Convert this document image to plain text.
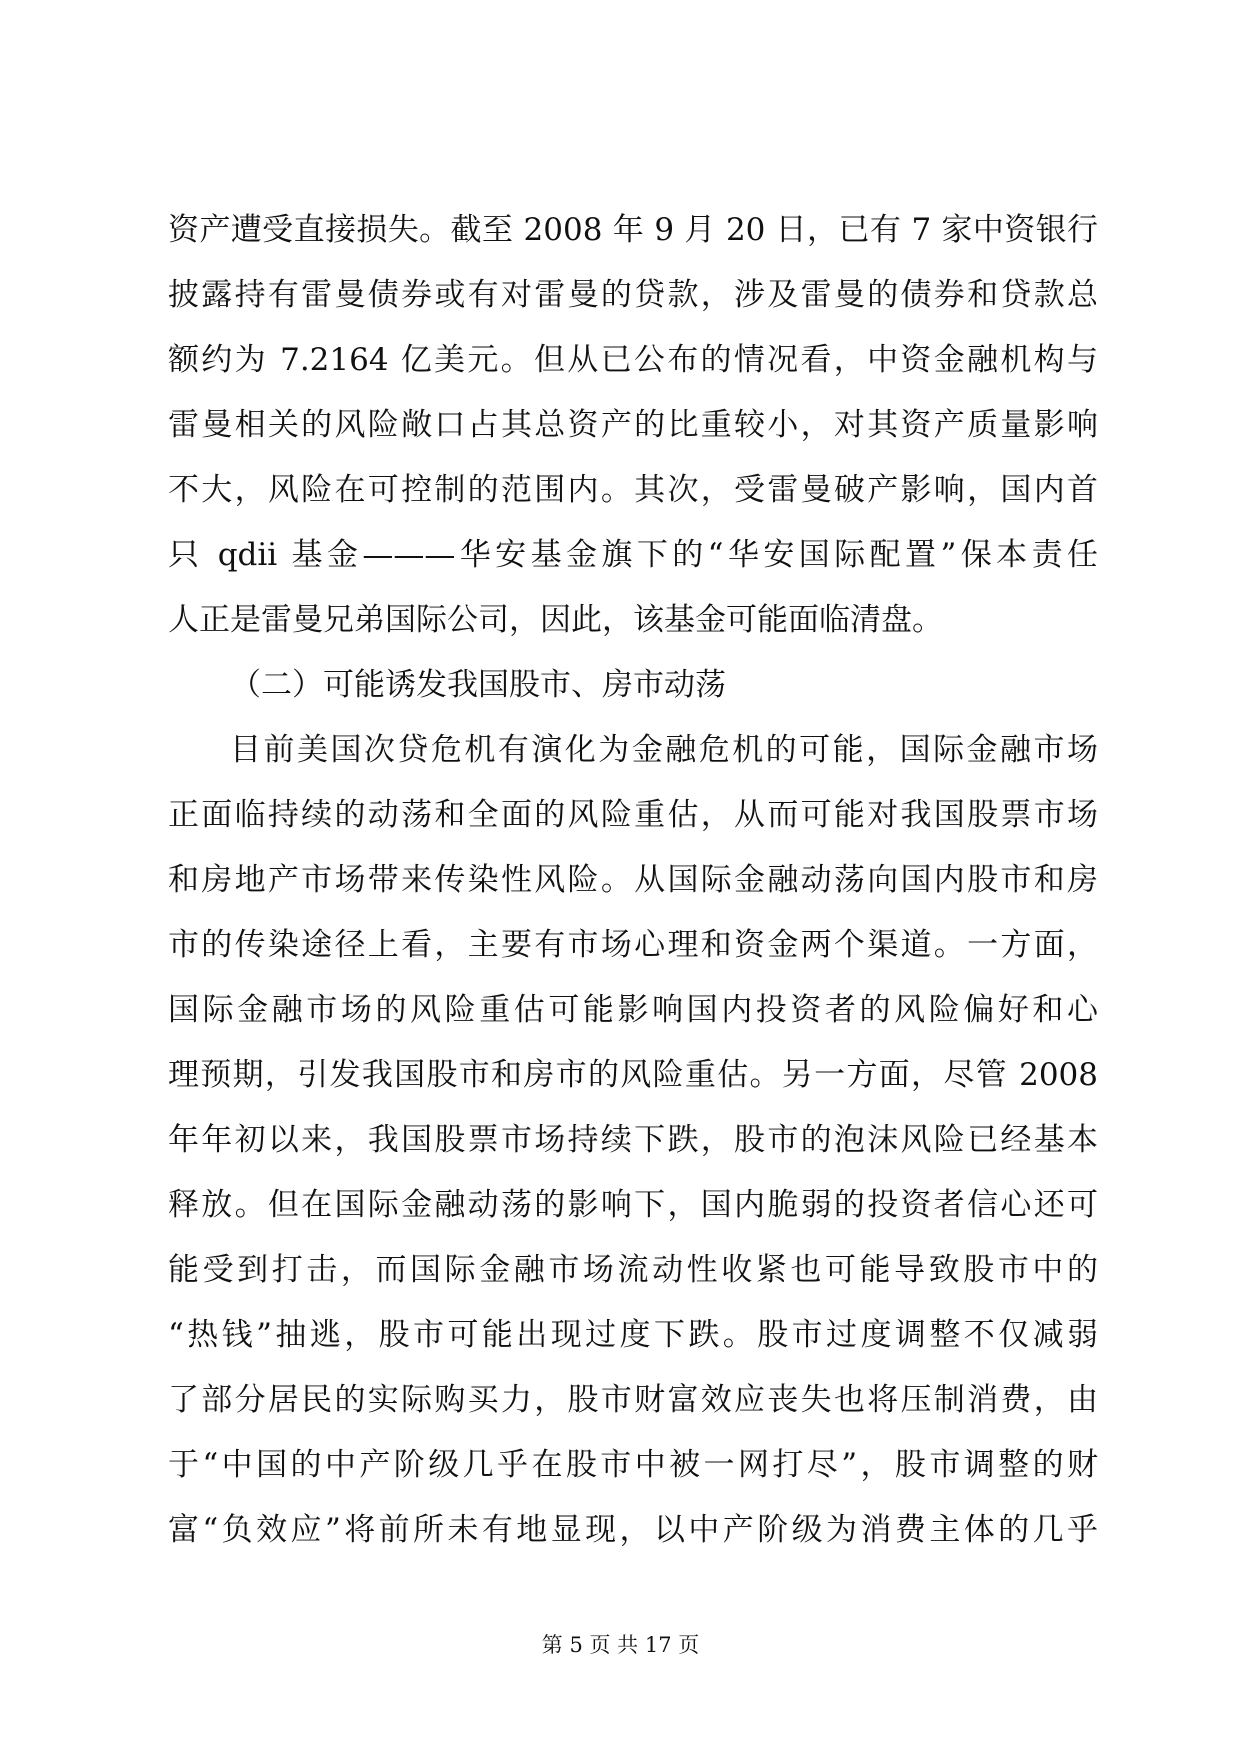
资产遭受直接损失。截至 2008 年 9 月 20 日，已有 7 家中资银行
披露持有雷曼债券或有对雷曼的贷款，涉及雷曼的债券和贷款总
额约为 7.2164 亿美元。但从已公布的情况看，中资金融机构与
雷曼相关的风险敞口占其总资产的比重较小，对其资产质量影响
不大，风险在可控制的范围内。其次，受雷曼破产影响，国内首
只 qdii 基金———华安基金旗下的“华安国际配置”保本责任
人正是雷曼兄弟国际公司，因此，该基金可能面临清盘。
（二）可能诱发我国股市、房市动荡
目前美国次贷危机有演化为金融危机的可能，国际金融市场
正面临持续的动荡和全面的风险重估，从而可能对我国股票市场
和房地产市场带来传染性风险。从国际金融动荡向国内股市和房
市的传染途径上看，主要有市场心理和资金两个渠道。一方面，
国际金融市场的风险重估可能影响国内投资者的风险偏好和心
理预期，引发我国股市和房市的风险重估。另一方面，尽管 2008
年年初以来，我国股票市场持续下跌，股市的泡沫风险已经基本
释放。但在国际金融动荡的影响下，国内脆弱的投资者信心还可
能受到打击，而国际金融市场流动性收紧也可能导致股市中的
“热钱”抽逃，股市可能出现过度下跌。股市过度调整不仅减弱
了部分居民的实际购买力，股市财富效应丧失也将压制消费，由
于“中国的中产阶级几乎在股市中被一网打尽”，股市调整的财
富“负效应”将前所未有地显现，以中产阶级为消费主体的几乎
第 5 页 共 17 页
